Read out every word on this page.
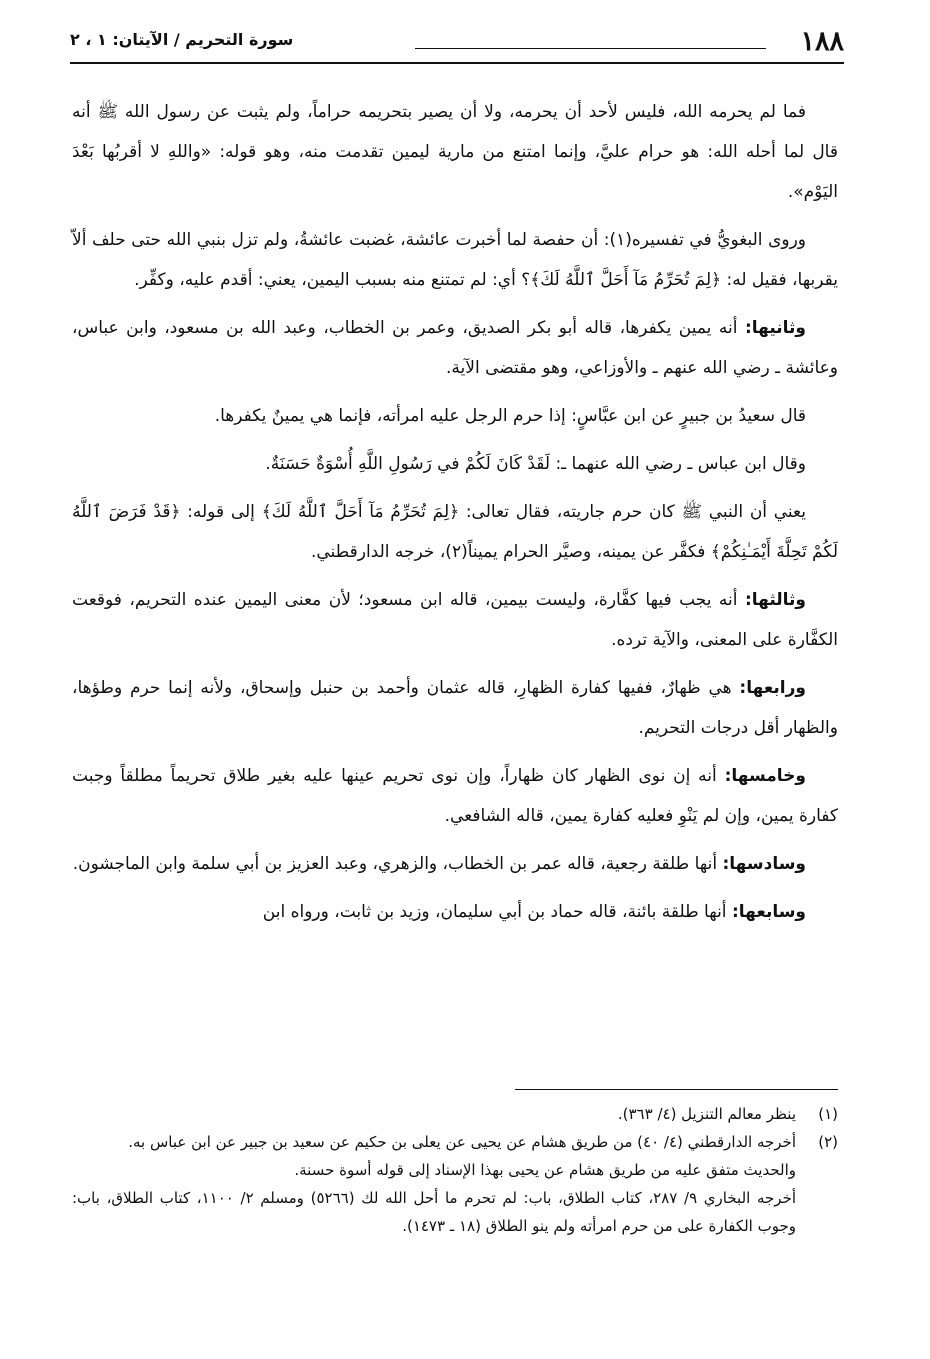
١٨٨
سورة التحريم / الآيتان: ١ ، ٢

فما لم يحرمه الله، فليس لأحد أن يحرمه، ولا أن يصير بتحريمه حراماً، ولم يثبت عن رسول الله ﷺ أنه قال لما أحله الله: هو حرام عليَّ، وإنما امتنع من مارية ليمين تقدمت منه، وهو قوله: «واللهِ لا أقربُها بَعْدَ اليَوْم».

وروى البغويُّ في تفسيره(١): أن حفصة لما أخبرت عائشة، غضبت عائشةُ، ولم تزل بنبي الله حتى حلف ألاّ يقربها، فقيل له: ﴿لِمَ تُحَرِّمُ مَآ أَحَلَّ ٱللَّهُ لَكَ﴾؟ أي: لم تمتنع منه بسبب اليمين، يعني: أقدم عليه، وكفِّر.

وثانيها: أنه يمين يكفرها، قاله أبو بكر الصديق، وعمر بن الخطاب، وعبد الله بن مسعود، وابن عباس، وعائشة ـ رضي الله عنهم ـ والأوزاعي، وهو مقتضى الآية.

قال سعيدُ بن جبيرٍ عن ابن عبَّاسٍ: إذا حرم الرجل عليه امرأته، فإنما هي يمينٌ يكفرها.

وقال ابن عباس ـ رضي الله عنهما ـ: لَقَدْ كَانَ لَكُمْ في رَسُولِ اللَّهِ أُسْوَةٌ حَسَنَةٌ.

يعني أن النبي ﷺ كان حرم جاريته، فقال تعالى: ﴿لِمَ تُحَرِّمُ مَآ أَحَلَّ ٱللَّهُ لَكَ﴾ إلى قوله: ﴿قَدْ فَرَضَ ٱللَّهُ لَكُمْ تَحِلَّةَ أَيْمَـٰنِكُمْ﴾ فكفَّر عن يمينه، وصيَّر الحرام يميناً(٢)، خرجه الدارقطني.

وثالثها: أنه يجب فيها كفَّارة، وليست بيمين، قاله ابن مسعود؛ لأن معنى اليمين عنده التحريم، فوقعت الكفَّارة على المعنى، والآية ترده.

ورابعها: هي ظهارٌ، ففيها كفارة الظهارِ، قاله عثمان وأحمد بن حنبل وإسحاق، ولأنه إنما حرم وطؤها، والظهار أقل درجات التحريم.

وخامسها: أنه إن نوى الظهار كان ظهاراً، وإن نوى تحريم عينها عليه بغير طلاق تحريماً مطلقاً وجبت كفارة يمين، وإن لم يَنْوِ فعليه كفارة يمين، قاله الشافعي.

وسادسها: أنها طلقة رجعية، قاله عمر بن الخطاب، والزهري، وعبد العزيز بن أبي سلمة وابن الماجشون.

وسابعها: أنها طلقة بائنة، قاله حماد بن أبي سليمان، وزيد بن ثابت، ورواه ابن

(١)ينظر معالم التنزيل (٤/ ٣٦٣).

(٢)أخرجه الدارقطني (٤/ ٤٠) من طريق هشام عن يحيى عن يعلى بن حكيم عن سعيد بن جبير عن ابن عباس به.

والحديث متفق عليه من طريق هشام عن يحيى بهذا الإسناد إلى قوله أسوة حسنة.

أخرجه البخاري ٩/ ٢٨٧، كتاب الطلاق، باب: لم تحرم ما أحل الله لك (٥٢٦٦) ومسلم ٢/ ١١٠٠، كتاب الطلاق، باب: وجوب الكفارة على من حرم امرأته ولم ينو الطلاق (١٨ ـ ١٤٧٣).
